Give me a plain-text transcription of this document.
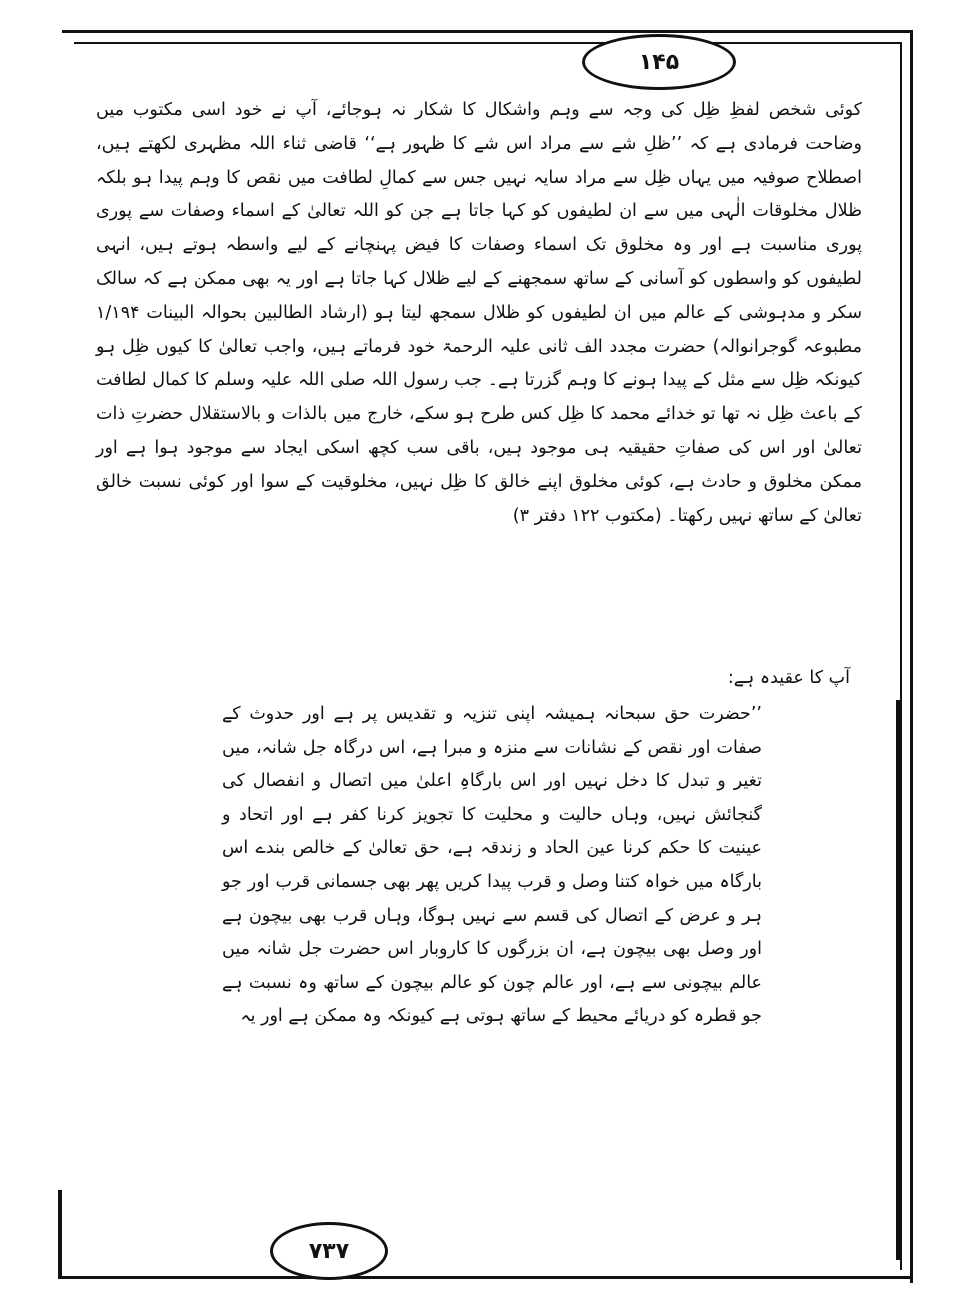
۱۴۵

کوئی شخص لفظِ ظِل کی وجہ سے وہم واشکال کا شکار نہ ہوجائے، آپ نے خود اسی مکتوب میں وضاحت فرمادی ہے کہ ’’ظلِ شے سے مراد اس شے کا ظہور ہے‘‘ قاضی ثناء اللہ مظہری لکھتے ہیں، اصطلاح صوفیہ میں یہاں ظِل سے مراد سایہ نہیں جس سے کمالِ لطافت میں نقص کا وہم پیدا ہو بلکہ ظلال مخلوقات الٰہی میں سے ان لطیفوں کو کہا جاتا ہے جن کو اللہ تعالیٰ کے اسماء وصفات سے پوری پوری مناسبت ہے اور وہ مخلوق تک اسماء وصفات کا فیض پہنچانے کے لیے واسطہ ہوتے ہیں، انہی لطیفوں کو واسطوں کو آسانی کے ساتھ سمجھنے کے لیے ظلال کہا جاتا ہے اور یہ بھی ممکن ہے کہ سالک سکر و مدہوشی کے عالم میں ان لطیفوں کو ظلال سمجھ لیتا ہو (ارشاد الطالبین بحوالہ البینات ۱/۱۹۴ مطبوعہ گوجرانوالہ) حضرت مجدد الف ثانی علیہ الرحمۃ خود فرماتے ہیں، واجب تعالیٰ کا کیوں ظِل ہو کیونکہ ظِل سے مثل کے پیدا ہونے کا وہم گزرتا ہے۔ جب رسول اللہ صلی اللہ علیہ وسلم کا کمال لطافت کے باعث ظِل نہ تھا تو خدائے محمد کا ظِل کس طرح ہو سکے، خارج میں بالذات و بالاستقلال حضرتِ ذات تعالیٰ اور اس کی صفاتِ حقیقیہ ہی موجود ہیں، باقی سب کچھ اسکی ایجاد سے موجود ہوا ہے اور ممکن مخلوق و حادث ہے، کوئی مخلوق اپنے خالق کا ظِل نہیں، مخلوقیت کے سوا اور کوئی نسبت خالق تعالیٰ کے ساتھ نہیں رکھتا۔ (مکتوب ۱۲۲ دفتر ۳)

آپ کا عقیدہ ہے:

’’حضرت حق سبحانہ ہمیشہ اپنی تنزیہ و تقدیس پر ہے اور حدوث کے صفات اور نقص کے نشانات سے منزہ و مبرا ہے، اس درگاہ جل شانہ، میں تغیر و تبدل کا دخل نہیں اور اس بارگاہِ اعلیٰ میں اتصال و انفصال کی گنجائش نہیں، وہاں حالیت و محلیت کا تجویز کرنا کفر ہے اور اتحاد و عینیت کا حکم کرنا عین الحاد و زندقہ ہے، حق تعالیٰ کے خالص بندے اس بارگاہ میں خواہ کتنا وصل و قرب پیدا کریں پھر بھی جسمانی قرب اور جو ہر و عرض کے اتصال کی قسم سے نہیں ہوگا، وہاں قرب بھی بیچون ہے اور وصل بھی بیچون ہے، ان بزرگوں کا کاروبار اس حضرت جل شانہ میں عالم بیچونی سے ہے، اور عالم چون کو عالم بیچون کے ساتھ وہ نسبت ہے جو قطرہ کو دریائے محیط کے ساتھ ہوتی ہے کیونکہ وہ ممکن ہے اور یہ

۷۳۷
